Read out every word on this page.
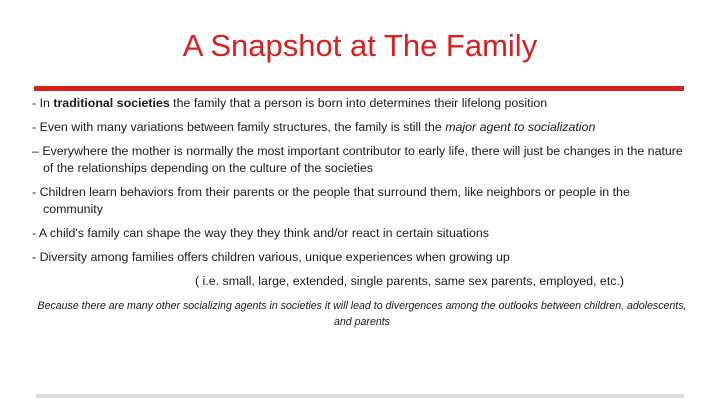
A Snapshot at The Family
- In traditional societies the family that a person is born into determines their lifelong position
- Even with many variations between family structures, the family is still the major agent to socialization
– Everywhere the mother is normally the most important contributor to early life, there will just be changes in the nature of the relationships depending on the culture of the societies
- Children learn behaviors from their parents or the people that surround them, like neighbors or people in the community
- A child's family can shape the way they they think and/or react in certain situations
- Diversity among families offers children various, unique experiences when growing up
( i.e. small, large, extended, single parents, same sex parents, employed, etc.)
Because there are many other socializing agents in societies it will lead to divergences among the outlooks between children, adolescents, and parents
